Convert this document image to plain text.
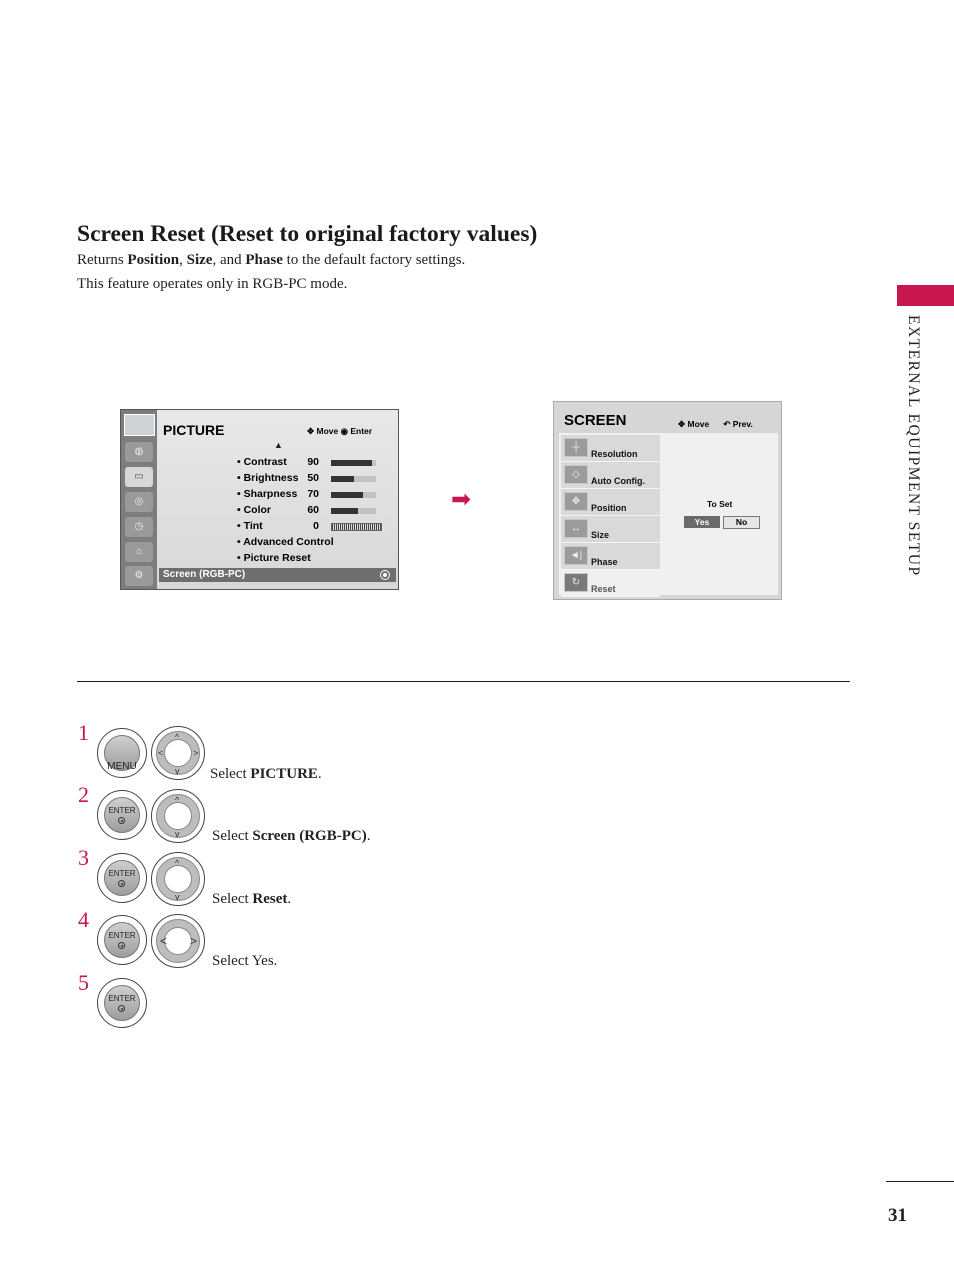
Screen Reset (Reset to original factory values)
Returns Position, Size, and Phase to the default factory settings.
This feature operates only in RGB-PC mode.
EXTERNAL EQUIPMENT SETUP
◍
▭
◎
◷
⌂
⚙
PICTURE	✥ Move ◉ Enter
▲
• Contrast	90
• Brightness 50
• Sharpness 70
• Color	60
• Tint	0
• Advanced Control
• Picture Reset
Screen (RGB-PC)
➡
SCREEN	✥ Move ↶ Prev.
┼
Resolution
◇
Auto Config.
✥
Position
↔
Size
◄|
Phase
↻
Reset
To Set
Yes	No
1
MENU
^
v
<	>
Select PICTURE.
2
ENTER
^
v Select Screen (RGB-PC).
3
ENTER
^
v Select Reset.
4
ENTER	< >
Select Yes.
5
ENTER
31
